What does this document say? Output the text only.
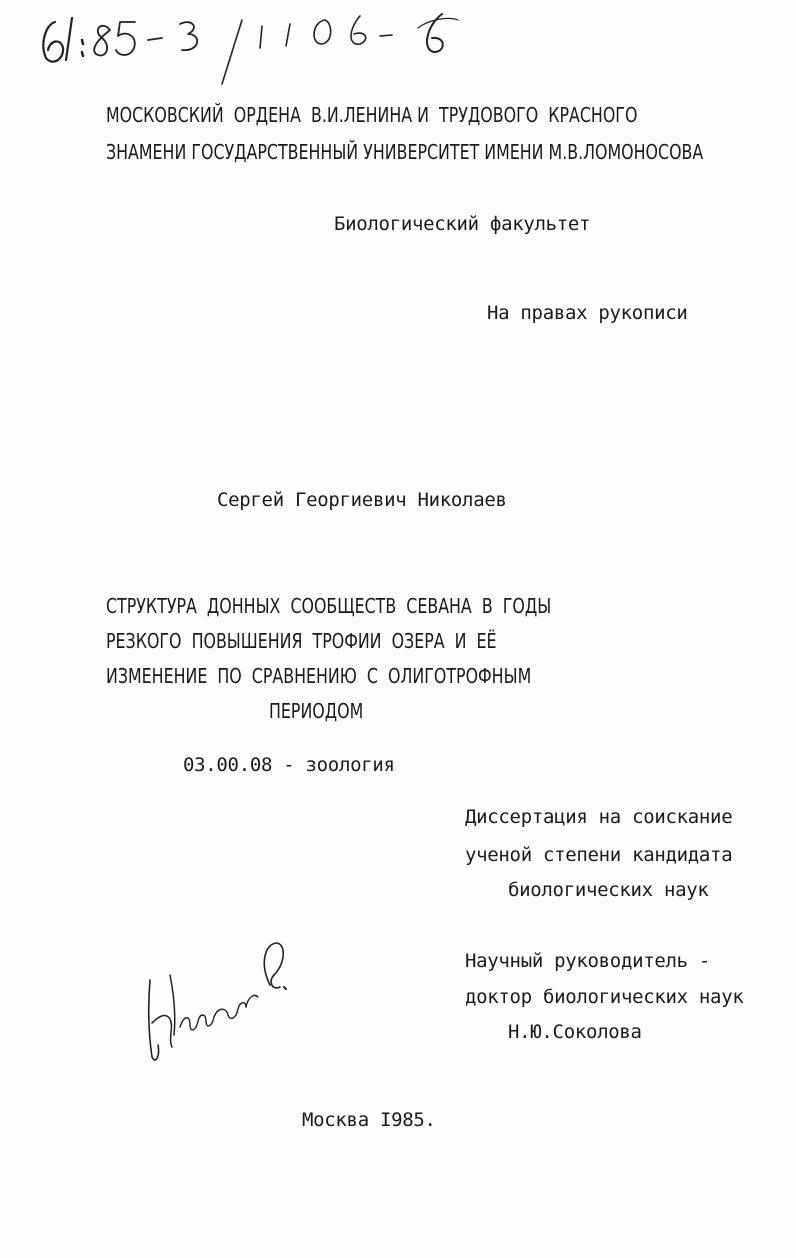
МОСКОВСКИЙ  ОРДЕНА  В.И.ЛЕНИНА И  ТРУДОВОГО  КРАСНОГО
ЗНАМЕНИ ГОСУДАРСТВЕННЫЙ УНИВЕРСИТЕТ ИМЕНИ М.В.ЛОМОНОСОВА
Биологический факультет
На правах рукописи
Сергей Георгиевич Николаев
СТРУКТУРА  ДОННЫХ  СООБЩЕСТВ  СЕВАНА  В  ГОДЫ
РЕЗКОГО  ПОВЫШЕНИЯ  ТРОФИИ  ОЗЕРА  И  ЕЁ
ИЗМЕНЕНИЕ  ПО  СРАВНЕНИЮ  С  ОЛИГОТРОФНЫМ
ПЕРИОДОМ
03.00.08 - зоология
Диссертация на соискание
ученой степени кандидата
биологических наук
Научный руководитель -
доктор биологических наук
Н.Ю.Соколова
Москва I985.
